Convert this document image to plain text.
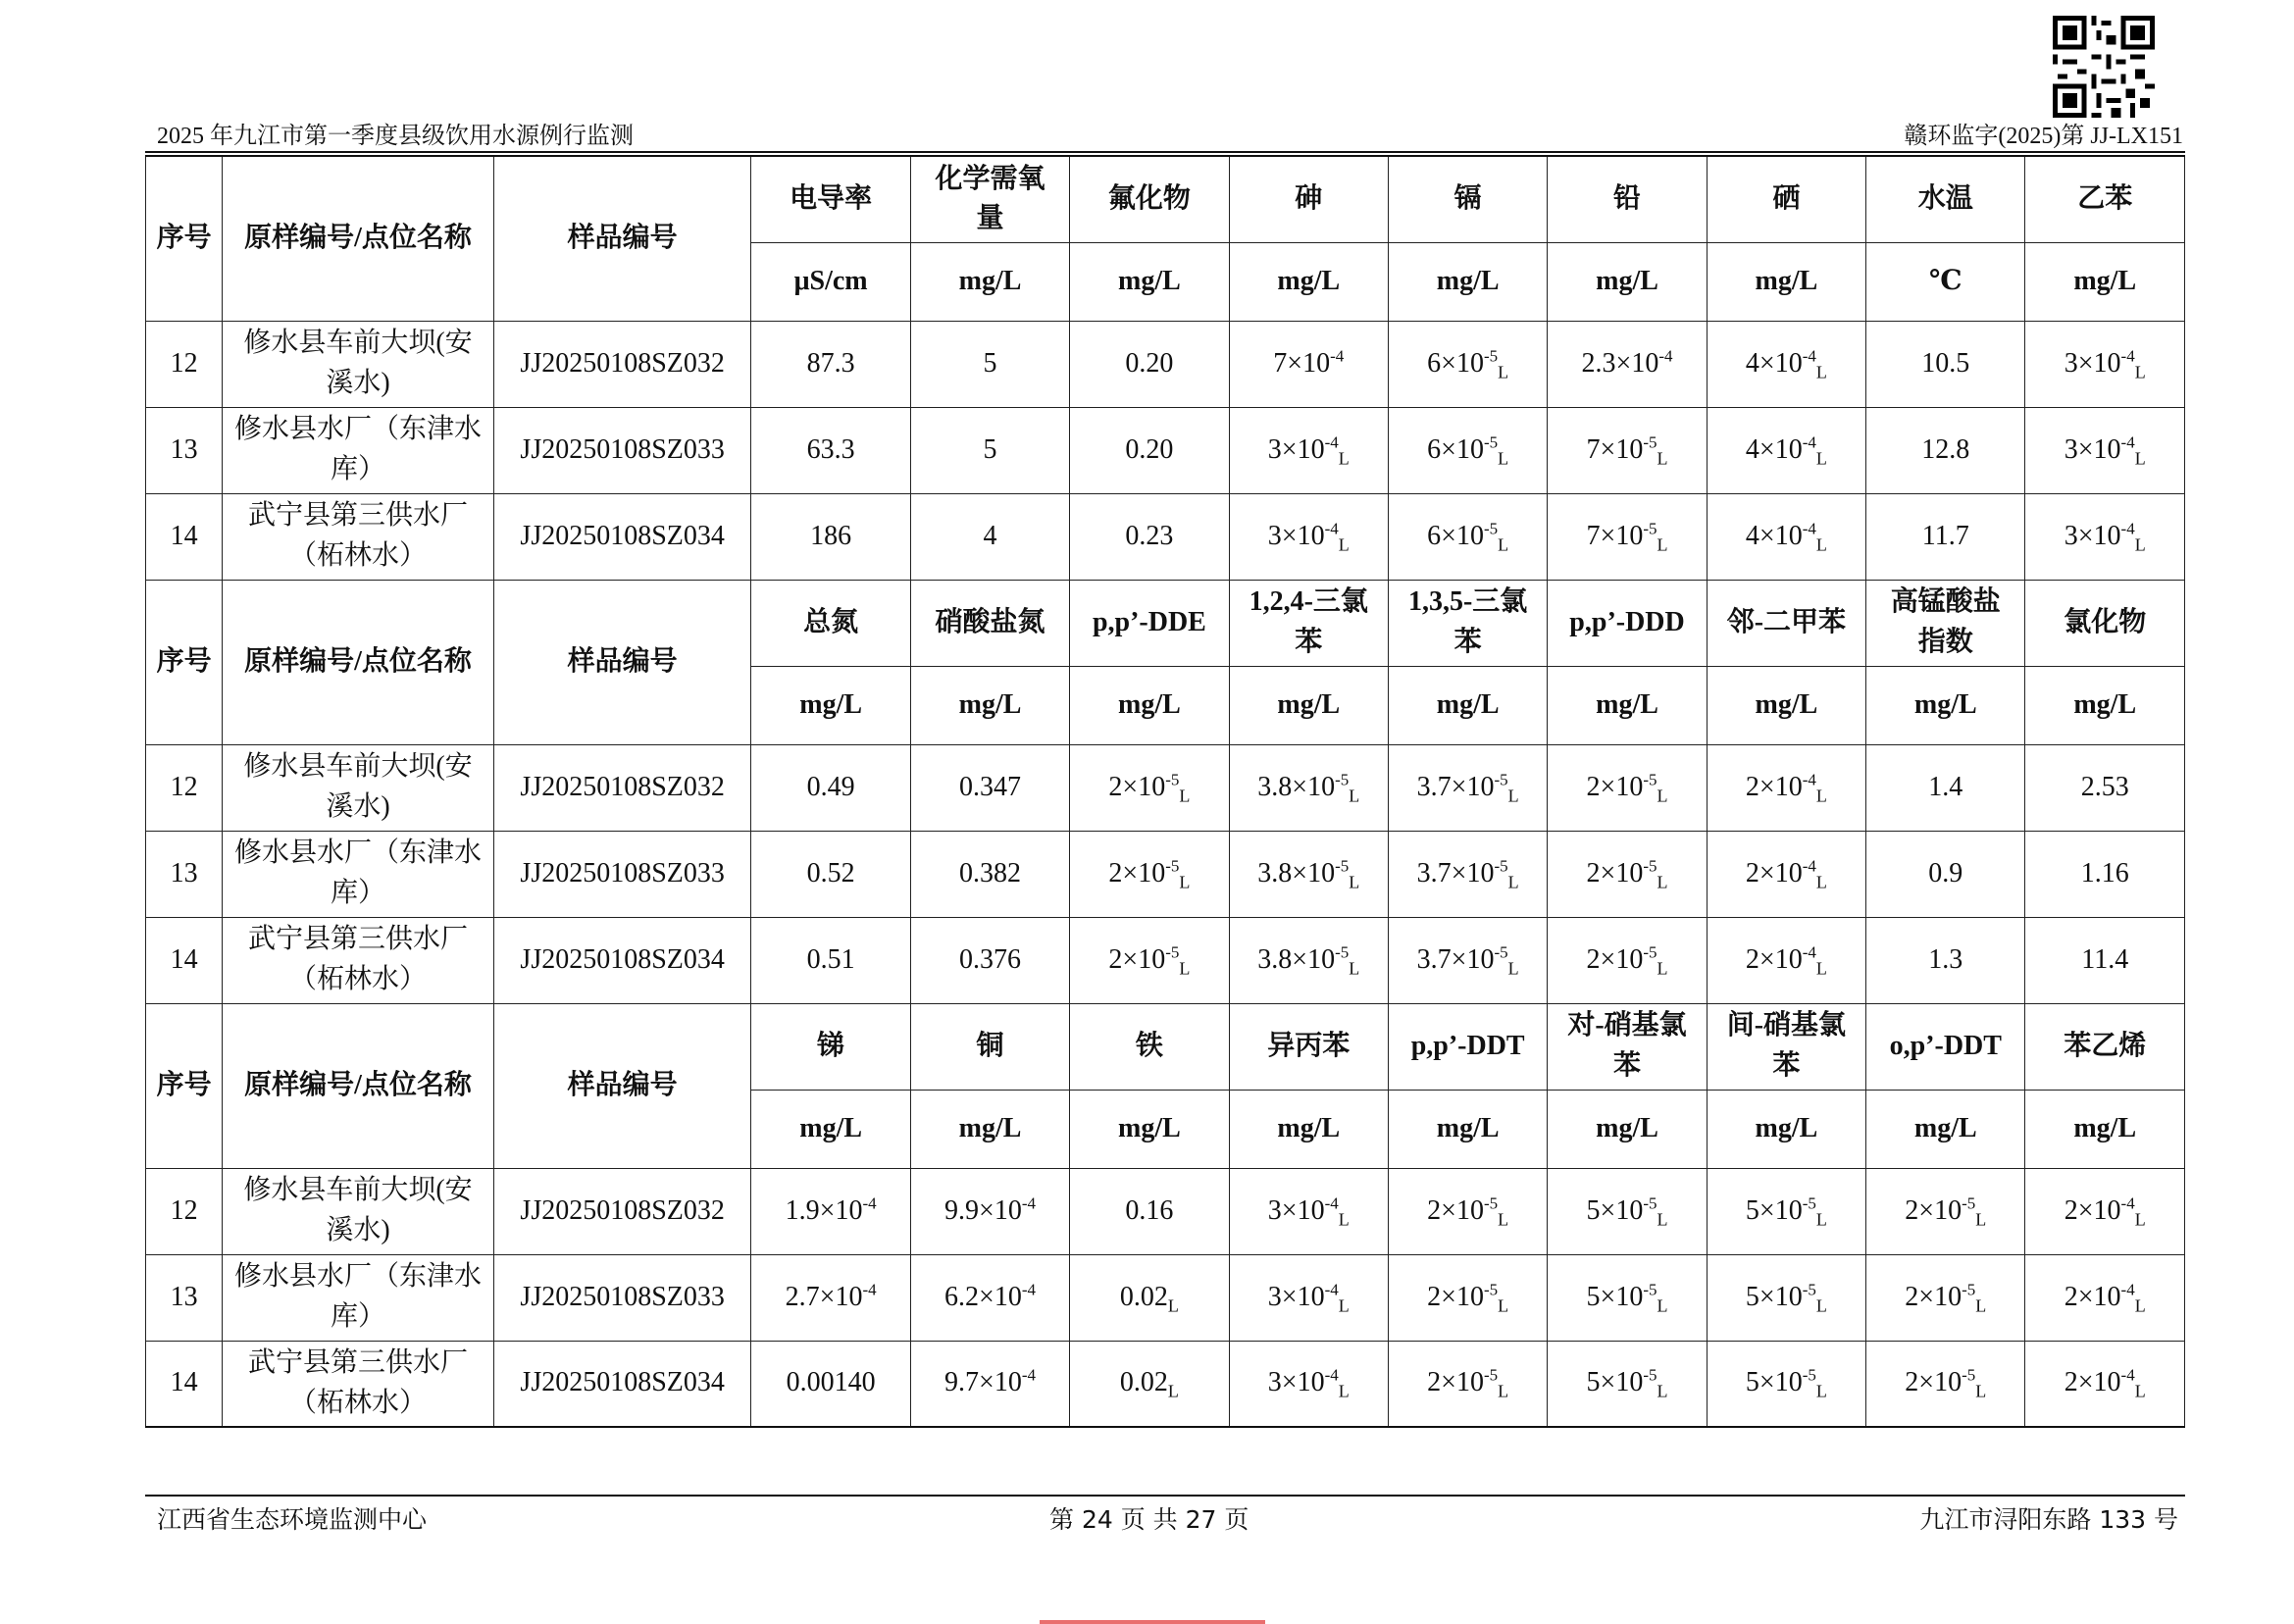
2025 年九江市第一季度县级饮用水源例行监测	赣环监字(2025)第 JJ-LX151
序号	原样编号/点位名称	样品编号	电导率	化学需氧
量	氟化物	砷	镉	铅	硒	水温	乙苯
			μS/cm	mg/L	mg/L	mg/L	mg/L	mg/L	mg/L	℃	mg/L
12	修水县车前大坝(安
溪水)	JJ20250108SZ032	87.3	5	0.20	$7\times 10^{-4}$	$6\times 10^{-5}_L$	$2.3\times 10^{-4}$	$4\times 10^{-4}_L$	10.5	$3\times 10^{-4}_L$
13	修水县水厂（东津水
库）	JJ20250108SZ033	63.3	5	0.20	$3\times 10^{-4}_L$	$6\times 10^{-5}_L$	$7\times 10^{-5}_L$	$4\times 10^{-4}_L$	12.8	$3\times 10^{-4}_L$
14	武宁县第三供水厂
（柘林水）	JJ20250108SZ034	186	4	0.23	$3\times 10^{-4}_L$	$6\times 10^{-5}_L$	$7\times 10^{-5}_L$	$4\times 10^{-4}_L$	11.7	$3\times 10^{-4}_L$
序号	原样编号/点位名称	样品编号	总氮	硝酸盐氮	p,p’-DDE	1,2,4-三氯
苯	1,3,5-三氯
苯	p,p’-DDD	邻-二甲苯	高锰酸盐
指数	氯化物
			mg/L	mg/L	mg/L	mg/L	mg/L	mg/L	mg/L	mg/L	mg/L
12	修水县车前大坝(安
溪水)	JJ20250108SZ032	0.49	0.347	$2\times 10^{-5}_L$	$3.8\times 10^{-5}_L$	$3.7\times 10^{-5}_L$	$2\times 10^{-5}_L$	$2\times 10^{-4}_L$	1.4	2.53
13	修水县水厂（东津水
库）	JJ20250108SZ033	0.52	0.382	$2\times 10^{-5}_L$	$3.8\times 10^{-5}_L$	$3.7\times 10^{-5}_L$	$2\times 10^{-5}_L$	$2\times 10^{-4}_L$	0.9	1.16
14	武宁县第三供水厂
（柘林水）	JJ20250108SZ034	0.51	0.376	$2\times 10^{-5}_L$	$3.8\times 10^{-5}_L$	$3.7\times 10^{-5}_L$	$2\times 10^{-5}_L$	$2\times 10^{-4}_L$	1.3	11.4
序号	原样编号/点位名称	样品编号	锑	铜	铁	异丙苯	p,p’-DDT	对-硝基氯
苯	间-硝基氯
苯	o,p’-DDT	苯乙烯
			mg/L	mg/L	mg/L	mg/L	mg/L	mg/L	mg/L	mg/L	mg/L
12	修水县车前大坝(安
溪水)	JJ20250108SZ032	$1.9\times 10^{-4}$	$9.9\times 10^{-4}$	0.16	$3\times 10^{-4}_L$	$2\times 10^{-5}_L$	$5\times 10^{-5}_L$	$5\times 10^{-5}_L$	$2\times 10^{-5}_L$	$2\times 10^{-4}_L$
13	修水县水厂（东津水
库）	JJ20250108SZ033	$2.7\times 10^{-4}$	$6.2\times 10^{-4}$	$0.02_L$	$3\times 10^{-4}_L$	$2\times 10^{-5}_L$	$5\times 10^{-5}_L$	$5\times 10^{-5}_L$	$2\times 10^{-5}_L$	$2\times 10^{-4}_L$
14	武宁县第三供水厂
（柘林水）	JJ20250108SZ034	0.00140	$9.7\times 10^{-4}$	$0.02_L$	$3\times 10^{-4}_L$	$2\times 10^{-5}_L$	$5\times 10^{-5}_L$	$5\times 10^{-5}_L$	$2\times 10^{-5}_L$	$2\times 10^{-4}_L$
江西省生态环境监测中心	第 24 页 共 27 页	九江市浔阳东路 133 号
